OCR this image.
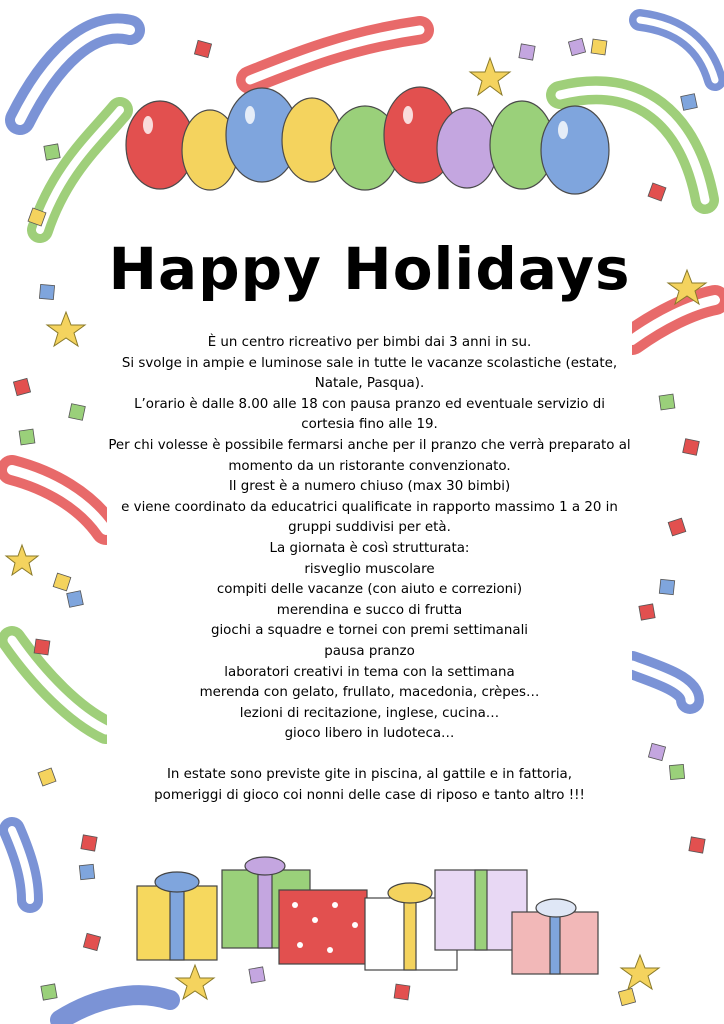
Happy Holidays
È un centro ricreativo per bimbi dai 3 anni in su.
Si svolge in ampie e luminose sale in tutte le vacanze scolastiche (estate, Natale, Pasqua).
L’orario è dalle 8.00 alle 18 con pausa pranzo ed eventuale servizio di cortesia fino alle 19.
Per chi volesse è possibile fermarsi anche per il pranzo che verrà preparato al momento da un ristorante convenzionato.
Il grest è a numero chiuso (max 30 bimbi)
e viene coordinato da educatrici qualificate in rapporto massimo 1 a 20 in gruppi suddivisi per età.
La giornata è così strutturata:
risveglio muscolare
compiti delle vacanze (con aiuto e correzioni)
merendina e succo di frutta
giochi a squadre e tornei con premi settimanali
pausa pranzo
laboratori creativi in tema con la settimana
merenda con gelato, frullato, macedonia, crèpes…
lezioni di recitazione, inglese, cucina…
gioco libero in ludoteca…
In estate sono previste gite in piscina, al gattile e in fattoria,
pomeriggi di gioco coi nonni delle case di riposo e tanto altro !!!
